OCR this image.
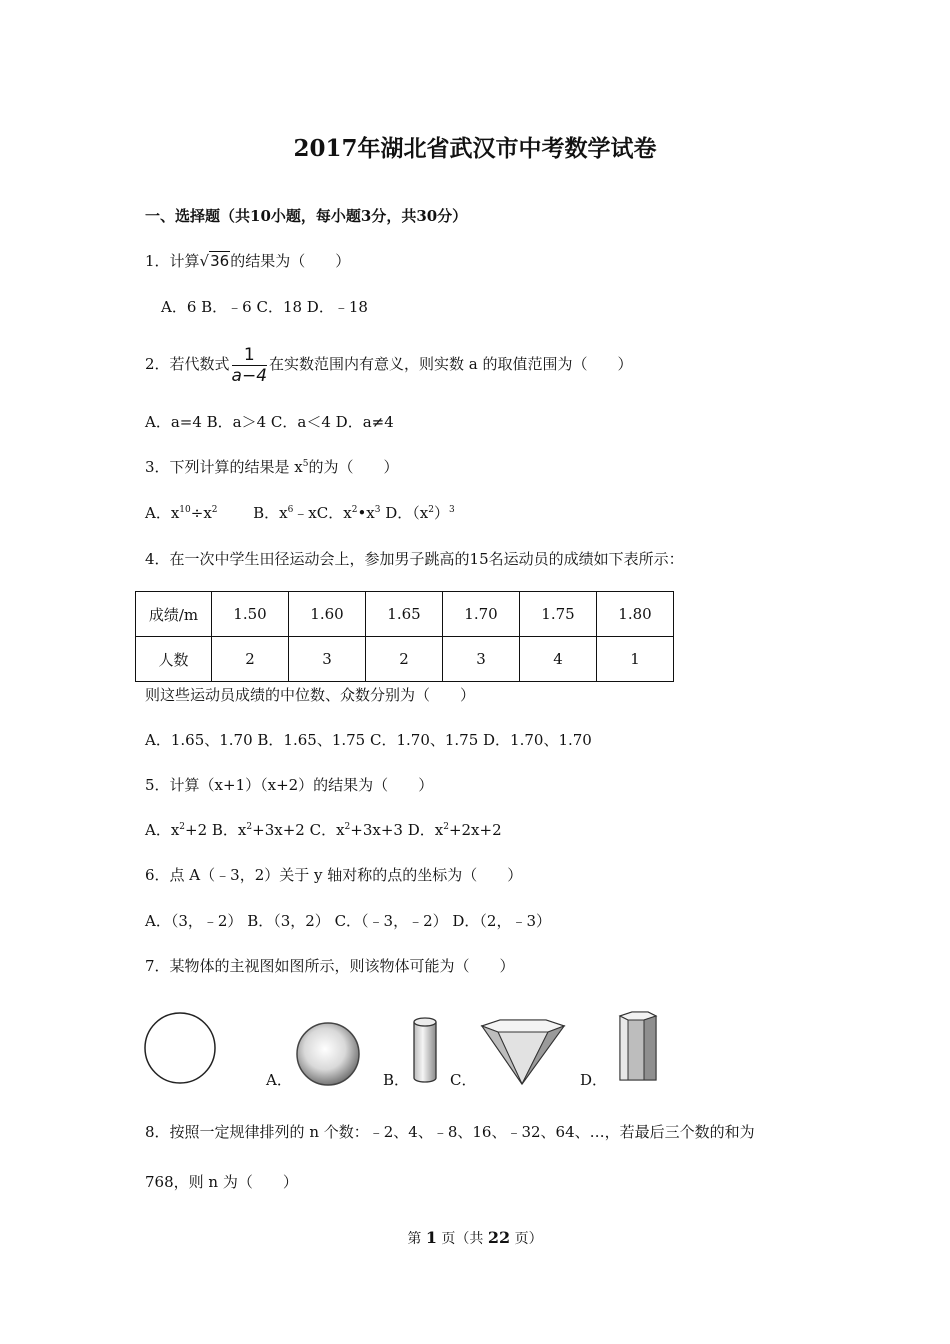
2017年湖北省武汉市中考数学试卷
一、选择题（共10小题，每小题3分，共30分）
1．计算√36的结果为（　　）
A．6 B．﹣6 C．18 D．﹣18
2．若代数式 $\frac{1}{a-4}$ 在实数范围内有意义，则实数 a 的取值范围为（　　）
A．a=4 B．a＞4 C．a＜4 D．a≠4
3．下列计算的结果是 $x^5$的为（　　）
A．$x^{10}\div x^2$ B．$x^6﹣xC$．$x^2•x^3$ D．$(x^2)^3$
4．在一次中学生田径运动会上，参加男子跳高的15名运动员的成绩如下表所示：
成绩/m	1.50	1.60	1.65	1.70	1.75	1.80
人数	2	3	2	3	4	1
则这些运动员成绩的中位数、众数分别为（　　）
A．1.65、1.70 B．1.65、1.75 C．1.70、1.75 D．1.70、1.70
5．计算（x+1）（x+2）的结果为（　　）
A．$x^2+2$ B．$x^2+3x+2$ C．$x^2+3x+3$ D．$x^2+2x+2$
6．点 A（﹣3，2）关于 y 轴对称的点的坐标为（　　）
A．（3，﹣2） B．（3，2） C．（﹣3，﹣2） D．（2，﹣3）
7．某物体的主视图如图所示，则该物体可能为（　　）
A．	B．	C．	D．
8．按照一定规律排列的 n 个数：﹣2、4、﹣8、16、﹣32、64、…，若最后三个数的和为
768，则 n 为（　　）
第 1 页（共 22 页）
